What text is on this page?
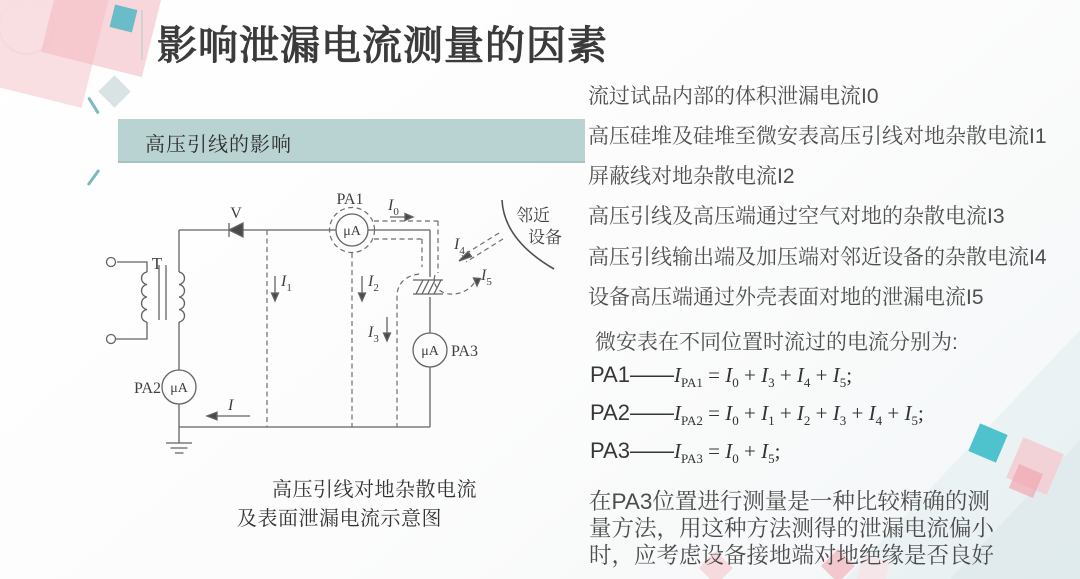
影响泄漏电流测量的因素
高压引线的影响
V
T
PA1
μA
PA2 μA
PA3
μA
I
$I_0$
$I_1$	$I_2$
$I_3$
$I_4$
$I_5$
邻近
设备
高压引线对地杂散电流
及表面泄漏电流示意图
流过试品内部的体积泄漏电流I0
高压硅堆及硅堆至微安表高压引线对地杂散电流I1
屏蔽线对地杂散电流I2
高压引线及高压端通过空气对地的杂散电流I3
高压引线输出端及加压端对邻近设备的杂散电流I4
设备高压端通过外壳表面对地的泄漏电流I5
微安表在不同位置时流过的电流分别为:
$PA1——I_{PA1} = I_0 + I_3 + I_4 + I_5$;
$PA2——I_{PA2} = I_0 + I_1 + I_2 + I_3 + I_4 + I_5$;
$PA3——I_{PA3} = I_0 + I_5$;
在PA3位置进行测量是一种比较精确的测
量方法，用这种方法测得的泄漏电流偏小
时，应考虑设备接地端对地绝缘是否良好
